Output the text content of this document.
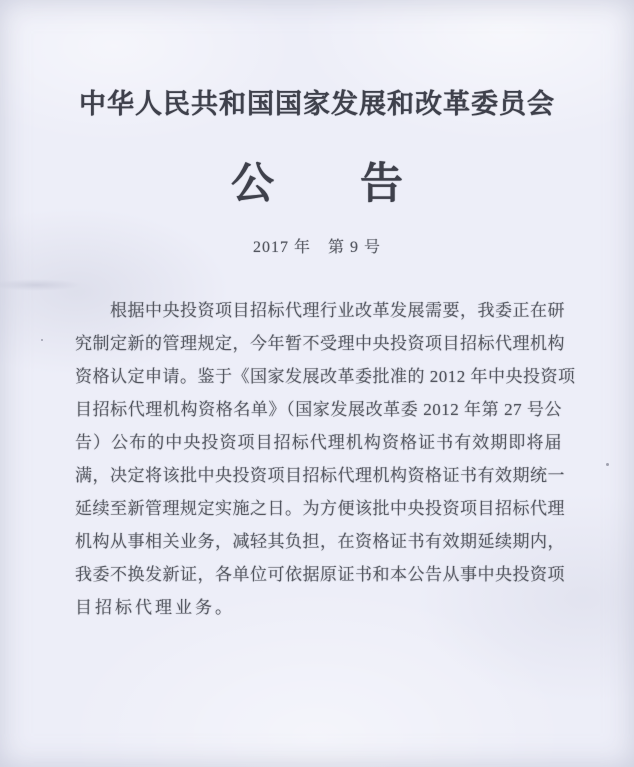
中华人民共和国国家发展和改革委员会
公　　告
2017 年　第 9 号
根据中央投资项目招标代理行业改革发展需要，我委正在研
究制定新的管理规定，今年暂不受理中央投资项目招标代理机构
资格认定申请。鉴于《国家发展改革委批准的 2012 年中央投资项
目招标代理机构资格名单》（国家发展改革委 2012 年第 27 号公
告）公布的中央投资项目招标代理机构资格证书有效期即将届
满，决定将该批中央投资项目招标代理机构资格证书有效期统一
延续至新管理规定实施之日。为方便该批中央投资项目招标代理
机构从事相关业务，减轻其负担，在资格证书有效期延续期内，
我委不换发新证，各单位可依据原证书和本公告从事中央投资项
目招标代理业务。
